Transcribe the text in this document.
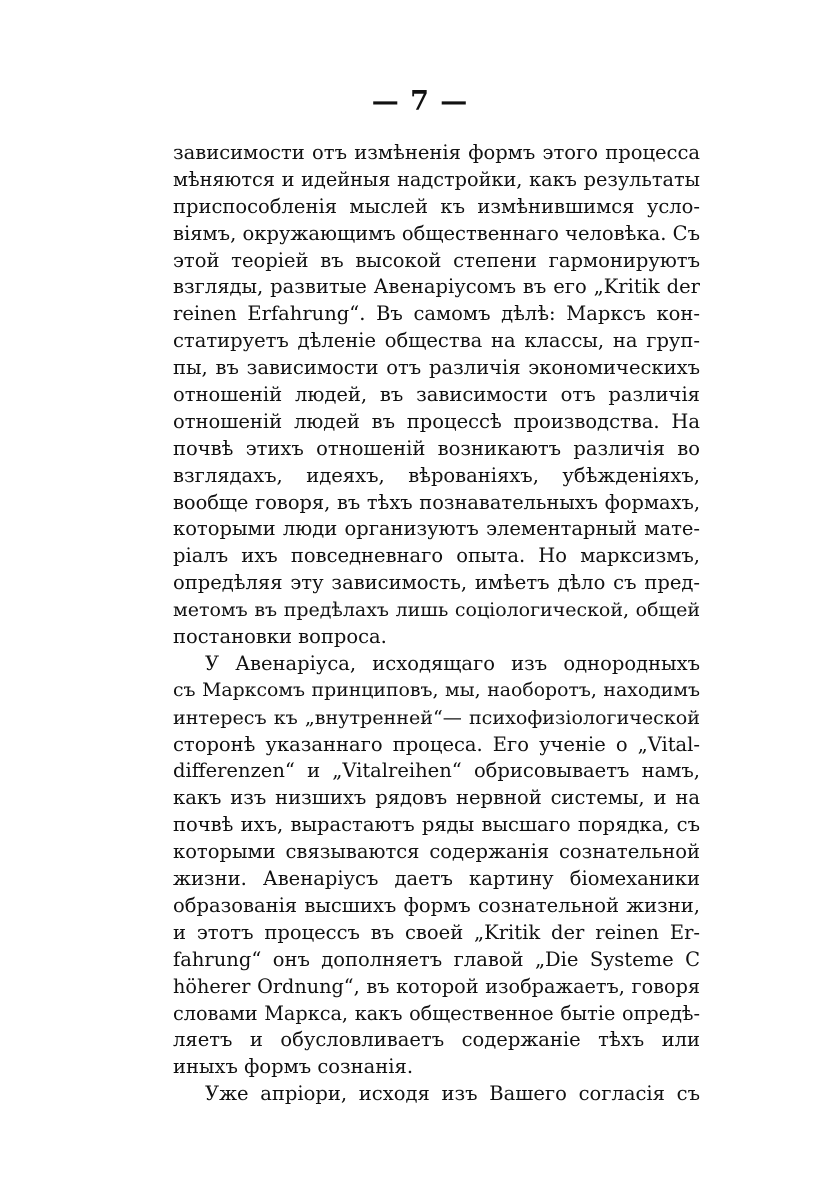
— 7 —
зависимости отъ измѣненія формъ этого процесса
мѣняются и идейныя надстройки, какъ результаты
приспособленія мыслей къ измѣнившимся усло-
віямъ, окружающимъ общественнаго человѣка. Съ
этой теоріей въ высокой степени гармонируютъ
взгляды, развитые Авенаріусомъ въ его „Kritik der
reinen Erfahrung“. Въ самомъ дѣлѣ: Марксъ кон-
статируетъ дѣленіе общества на классы, на груп-
пы, въ зависимости отъ различія экономическихъ
отношеній людей, въ зависимости отъ различія
отношеній людей въ процессѣ производства. На
почвѣ этихъ отношеній возникаютъ различія во
взглядахъ, идеяхъ, вѣрованіяхъ, убѣжденіяхъ,
вообще говоря, въ тѣхъ познавательныхъ формахъ,
которыми люди организуютъ элементарный мате-
ріалъ ихъ повседневнаго опыта. Но марксизмъ,
опредѣляя эту зависимость, имѣетъ дѣло съ пред-
метомъ въ предѣлахъ лишь соціологической, общей
постановки вопроса.
У Авенаріуса, исходящаго изъ однородныхъ
съ Марксомъ принциповъ, мы, наоборотъ, находимъ
интересъ къ „внутренней“— психофизіологической
сторонѣ указаннаго процеса. Его ученіе о „Vital-
differenzen“ и „Vitalreihen“ обрисовываетъ намъ,
какъ изъ низшихъ рядовъ нервной системы, и на
почвѣ ихъ, вырастаютъ ряды высшаго порядка, съ
которыми связываются содержанія сознательной
жизни. Авенаріусъ даетъ картину біомеханики
образованія высшихъ формъ сознательной жизни,
и этотъ процессъ въ своей „Kritik der reinen Er-
fahrung“ онъ дополняетъ главой „Die Systeme C
höherer Ordnung“, въ которой изображаетъ, говоря
словами Маркса, какъ общественное бытіе опредѣ-
ляетъ и обусловливаетъ содержаніе тѣхъ или
иныхъ формъ сознанія.
Уже апріори, исходя изъ Вашего согласія съ
